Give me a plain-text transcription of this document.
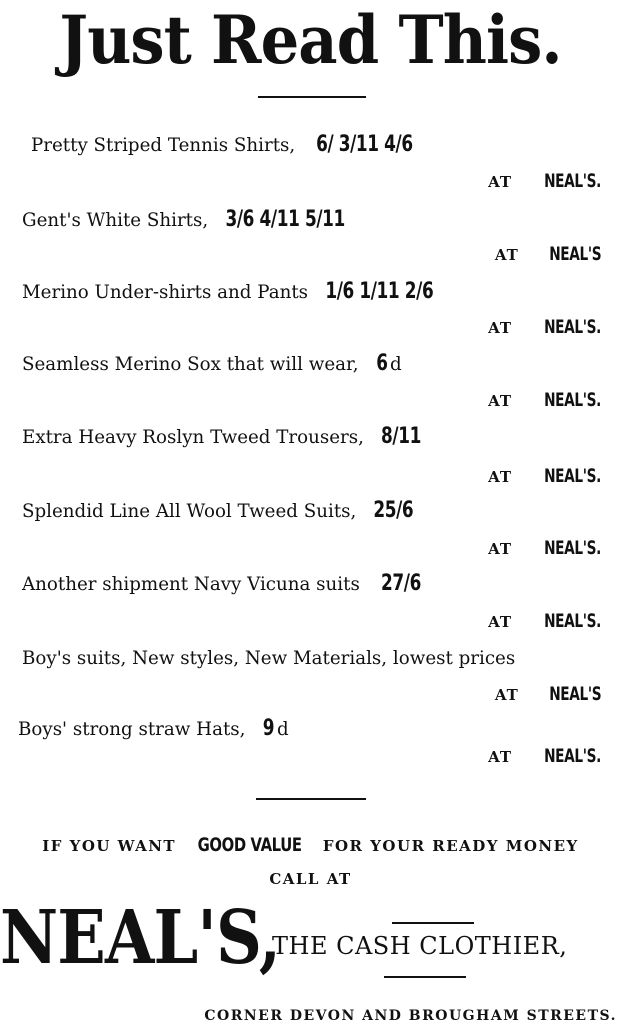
Just Read This.
Pretty Striped Tennis Shirts, 6/ 3/11 4/6
AT NEAL'S.
Gent's White Shirts, 3/6 4/11 5/11
AT NEAL'S
Merino Under-shirts and Pants 1/6 1/11 2/6
AT NEAL'S.
Seamless Merino Sox that will wear, 6 d
AT NEAL'S.
Extra Heavy Roslyn Tweed Trousers, 8/11
AT NEAL'S.
Splendid Line All Wool Tweed Suits, 25/6
AT NEAL'S.
Another shipment Navy Vicuna suits 27/6
AT NEAL'S.
Boy's suits, New styles, New Materials, lowest prices
AT NEAL'S
Boys' strong straw Hats, 9 d
AT NEAL'S.
IF YOU WANT GOOD VALUE FOR YOUR READY MONEY
CALL AT
NEAL'S,
THE CASH CLOTHIER,
CORNER DEVON AND BROUGHAM STREETS.
